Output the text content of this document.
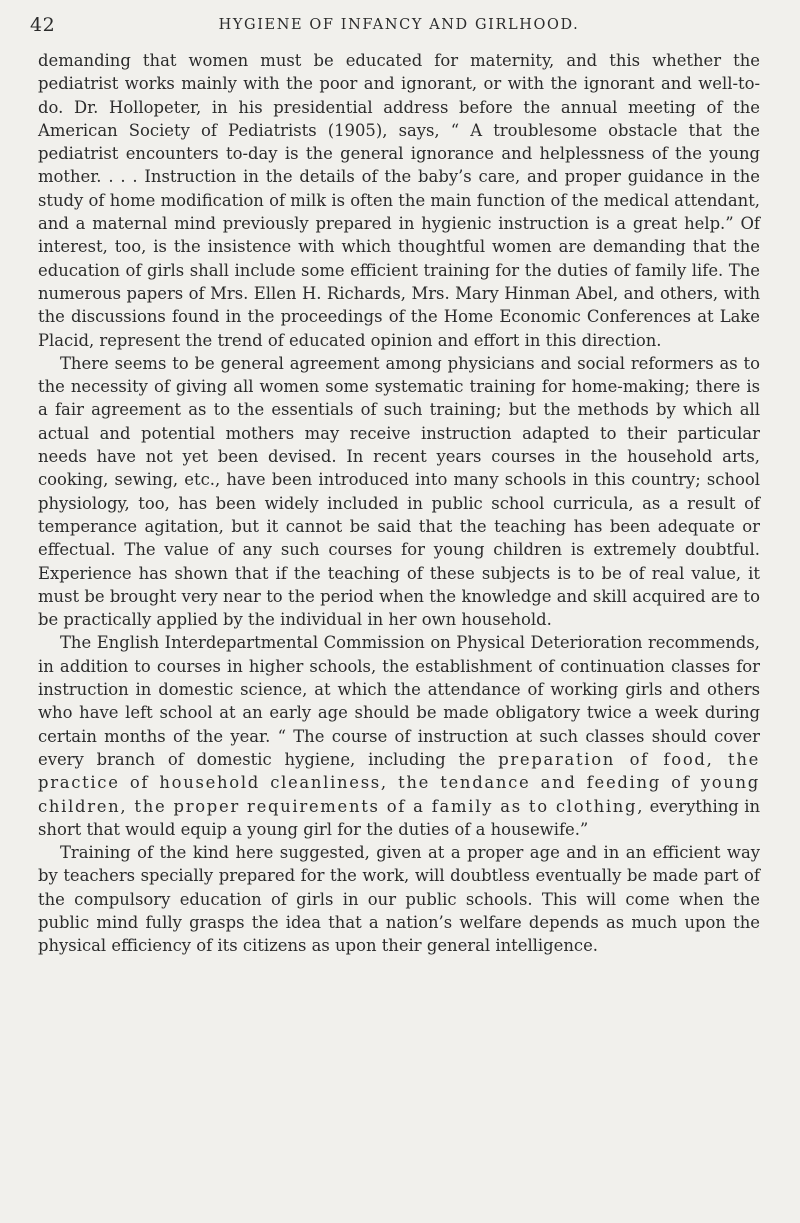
42	HYGIENE OF INFANCY AND GIRLHOOD.

demanding that women must be educated for maternity, and this whether the pediatrist works mainly with the poor and ignorant, or with the ignorant and well-to-do. Dr. Hollopeter, in his presidential address before the annual meeting of the American Society of Pediatrists (1905), says, “ A troublesome obstacle that the pediatrist encounters to-day is the general ignorance and helplessness of the young mother. . . . Instruction in the details of the baby’s care, and proper guidance in the study of home modification of milk is often the main function of the medical attendant, and a maternal mind previously prepared in hygienic instruction is a great help.” Of interest, too, is the insistence with which thoughtful women are demanding that the education of girls shall include some efficient training for the duties of family life. The numerous papers of Mrs. Ellen H. Richards, Mrs. Mary Hinman Abel, and others, with the discussions found in the proceedings of the Home Economic Conferences at Lake Placid, represent the trend of educated opinion and effort in this direction.

There seems to be general agreement among physicians and social reformers as to the necessity of giving all women some systematic training for home-making; there is a fair agreement as to the essentials of such training; but the methods by which all actual and potential mothers may receive instruction adapted to their particular needs have not yet been devised. In recent years courses in the household arts, cooking, sewing, etc., have been introduced into many schools in this country; school physiology, too, has been widely included in public school curricula, as a result of temperance agitation, but it cannot be said that the teaching has been adequate or effectual. The value of any such courses for young children is extremely doubtful. Experience has shown that if the teaching of these subjects is to be of real value, it must be brought very near to the period when the knowledge and skill acquired are to be practically applied by the individual in her own household.

The English Interdepartmental Commission on Physical Deterioration recommends, in addition to courses in higher schools, the establishment of continuation classes for instruction in domestic science, at which the attendance of working girls and others who have left school at an early age should be made obligatory twice a week during certain months of the year. “ The course of instruction at such classes should cover every branch of domestic hygiene, including the preparation of food, the practice of household cleanliness, the tendance and feeding of young children, the proper requirements of a family as to clothing, everything in short that would equip a young girl for the duties of a housewife.”

Training of the kind here suggested, given at a proper age and in an efficient way by teachers specially prepared for the work, will doubtless eventually be made part of the compulsory education of girls in our public schools. This will come when the public mind fully grasps the idea that a nation’s welfare depends as much upon the physical efficiency of its citizens as upon their general intelligence.
